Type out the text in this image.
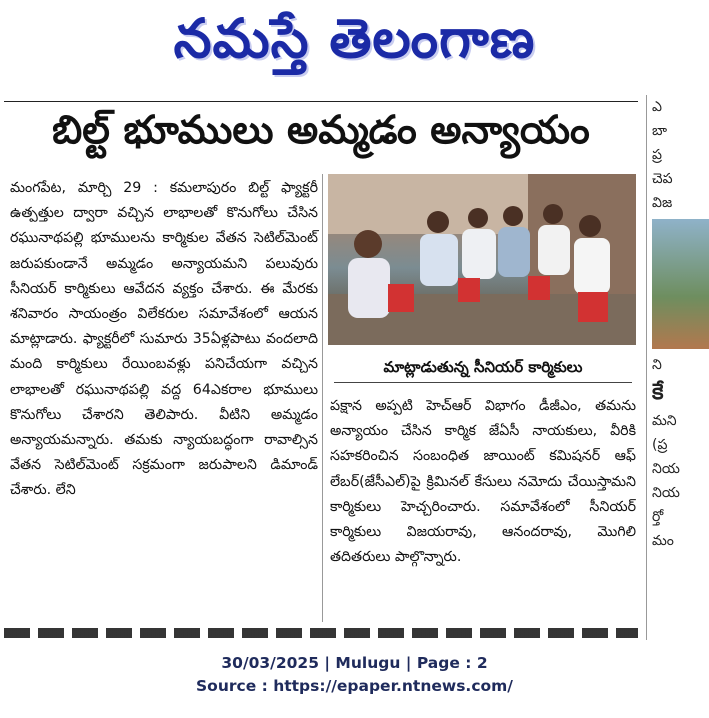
నమస్తే తెలంగాణ
బిల్ట్ భూములు అమ్మడం అన్యాయం

మంగపేట, మార్చి 29 : కమలాపురం బిల్ట్ ఫ్యాక్టరీ ఉత్పత్తుల ద్వారా వచ్చిన లాభాలతో కొనుగోలు చేసిన రఘునాథపల్లి భూములను కార్మికుల వేతన సెటిల్‌మెంట్ జరుపకుండానే అమ్మడం అన్యాయమని పలువురు సీనియర్ కార్మికులు ఆవేదన వ్యక్తం చేశారు. ఈ మేరకు శనివారం సాయంత్రం విలేకరుల సమావేశంలో ఆయన మాట్లాడారు. ఫ్యాక్టరీలో సుమారు 35ఏళ్లపాటు వందలాది మంది కార్మికులు రేయింబవళ్లు పనిచేయగా వచ్చిన లాభాలతో రఘునాథపల్లి వద్ద 64ఎకరాల భూములు కొనుగోలు చేశారని తెలిపారు. వీటిని అమ్మడం అన్యాయమన్నారు. తమకు న్యాయబద్ధంగా రావాల్సిన వేతన సెటిల్‌మెంట్ సక్రమంగా జరుపాలని డిమాండ్ చేశారు. లేని

మాట్లాడుతున్న సీనియర్ కార్మికులు

పక్షాన అప్పటి హెచ్‌ఆర్ విభాగం డీజీఎం, తమను అన్యాయం చేసిన కార్మిక జేఏసీ నాయకులు, వీరికి సహకరించిన సంబంధిత జాయింట్ కమిషనర్ ఆఫ్ లేబర్(జేసీఎల్)పై క్రిమినల్ కేసులు నమోదు చేయిస్తామని కార్మికులు హెచ్చరించారు. సమావేశంలో సీనియర్ కార్మికులు విజయరావు, ఆనందరావు, మొగిలి తదితరులు పాల్గొన్నారు.

ఎ
బా
ప్ర
చెప
విజ
ని
కే
మని
(ప్ర
నియ
నియ
ర్తో
మం
30/03/2025 | Mulugu | Page : 2
Source : https://epaper.ntnews.com/
